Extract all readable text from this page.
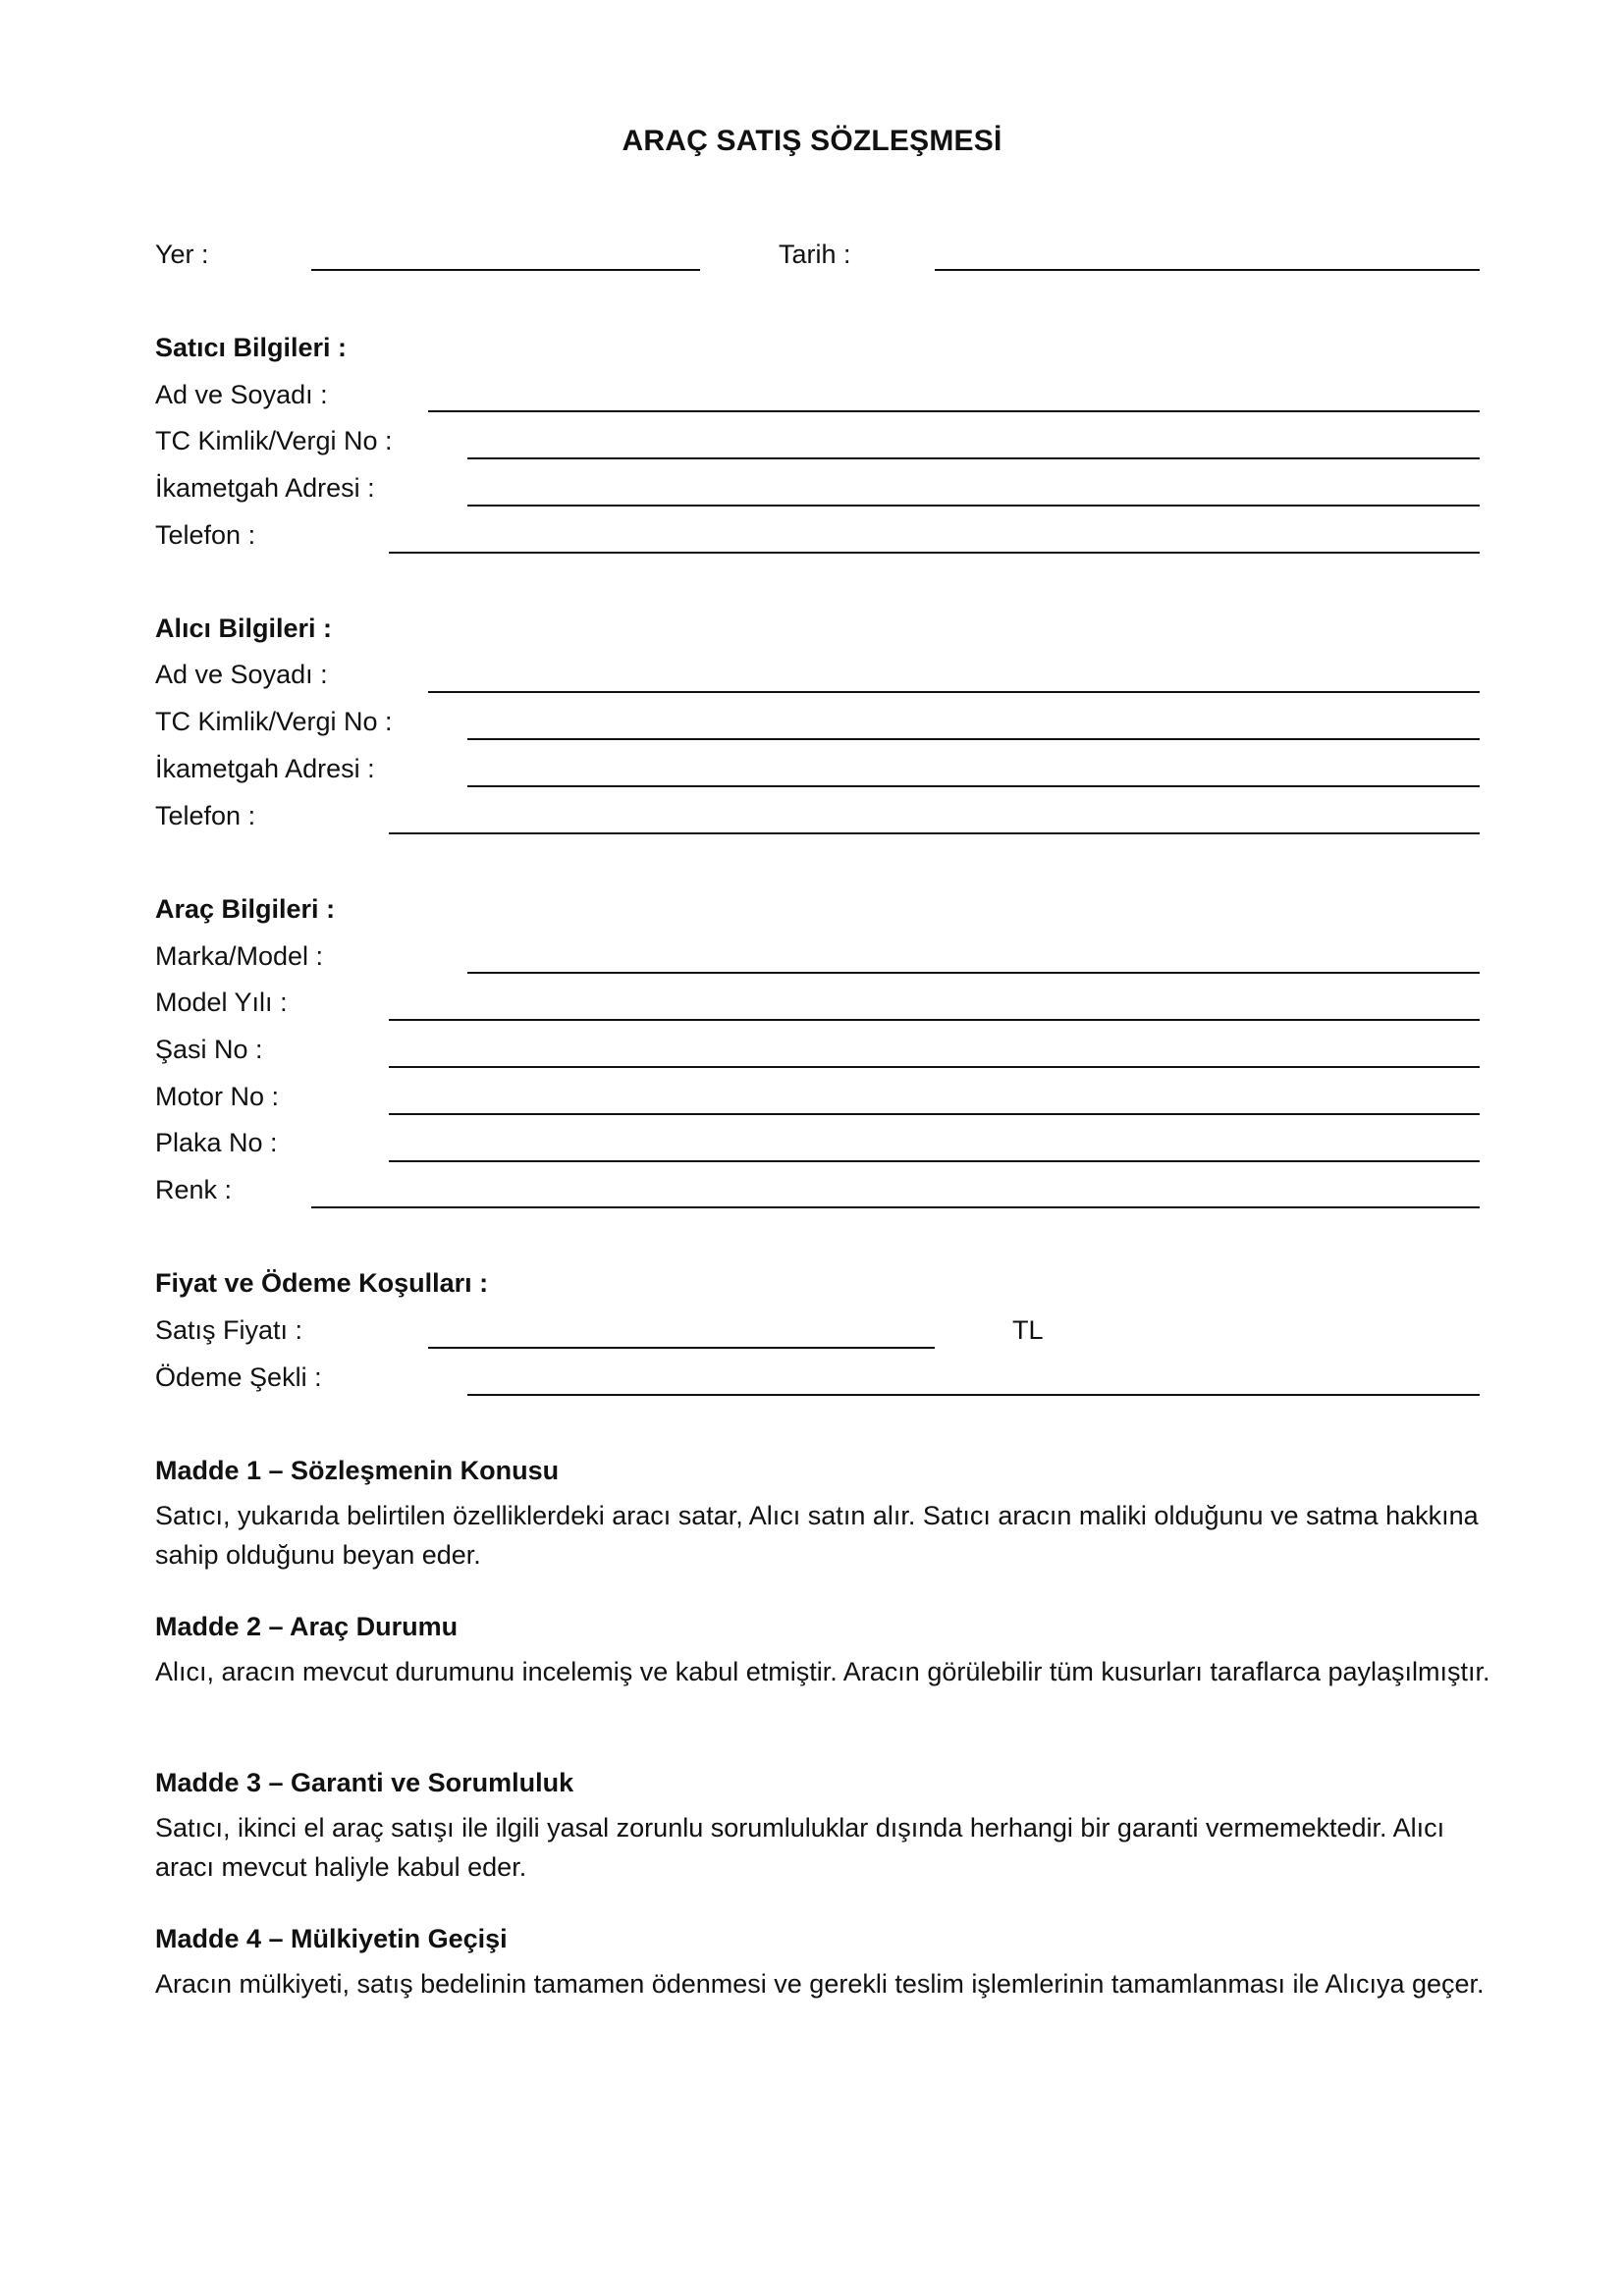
ARAÇ SATIŞ SÖZLEŞMESİ
Yer :	Tarih :
Satıcı Bilgileri :
Ad ve Soyadı :
TC Kimlik/Vergi No :
İkametgah Adresi :
Telefon :
Alıcı Bilgileri :
Ad ve Soyadı :
TC Kimlik/Vergi No :
İkametgah Adresi :
Telefon :
Araç Bilgileri :
Marka/Model :
Model Yılı :
Şasi No :
Motor No :
Plaka No :
Renk :
Fiyat ve Ödeme Koşulları :
Satış Fiyatı :	TL
Ödeme Şekli :
Madde 1 – Sözleşmenin Konusu
Satıcı, yukarıda belirtilen özelliklerdeki aracı satar, Alıcı satın alır. Satıcı aracın maliki olduğunu ve satma hakkına sahip olduğunu beyan eder.
Madde 2 – Araç Durumu
Alıcı, aracın mevcut durumunu incelemiş ve kabul etmiştir. Aracın görülebilir tüm kusurları taraflarca paylaşılmıştır.
Madde 3 – Garanti ve Sorumluluk
Satıcı, ikinci el araç satışı ile ilgili yasal zorunlu sorumluluklar dışında herhangi bir garanti vermemektedir. Alıcı aracı mevcut haliyle kabul eder.
Madde 4 – Mülkiyetin Geçişi
Aracın mülkiyeti, satış bedelinin tamamen ödenmesi ve gerekli teslim işlemlerinin tamamlanması ile Alıcıya geçer.
